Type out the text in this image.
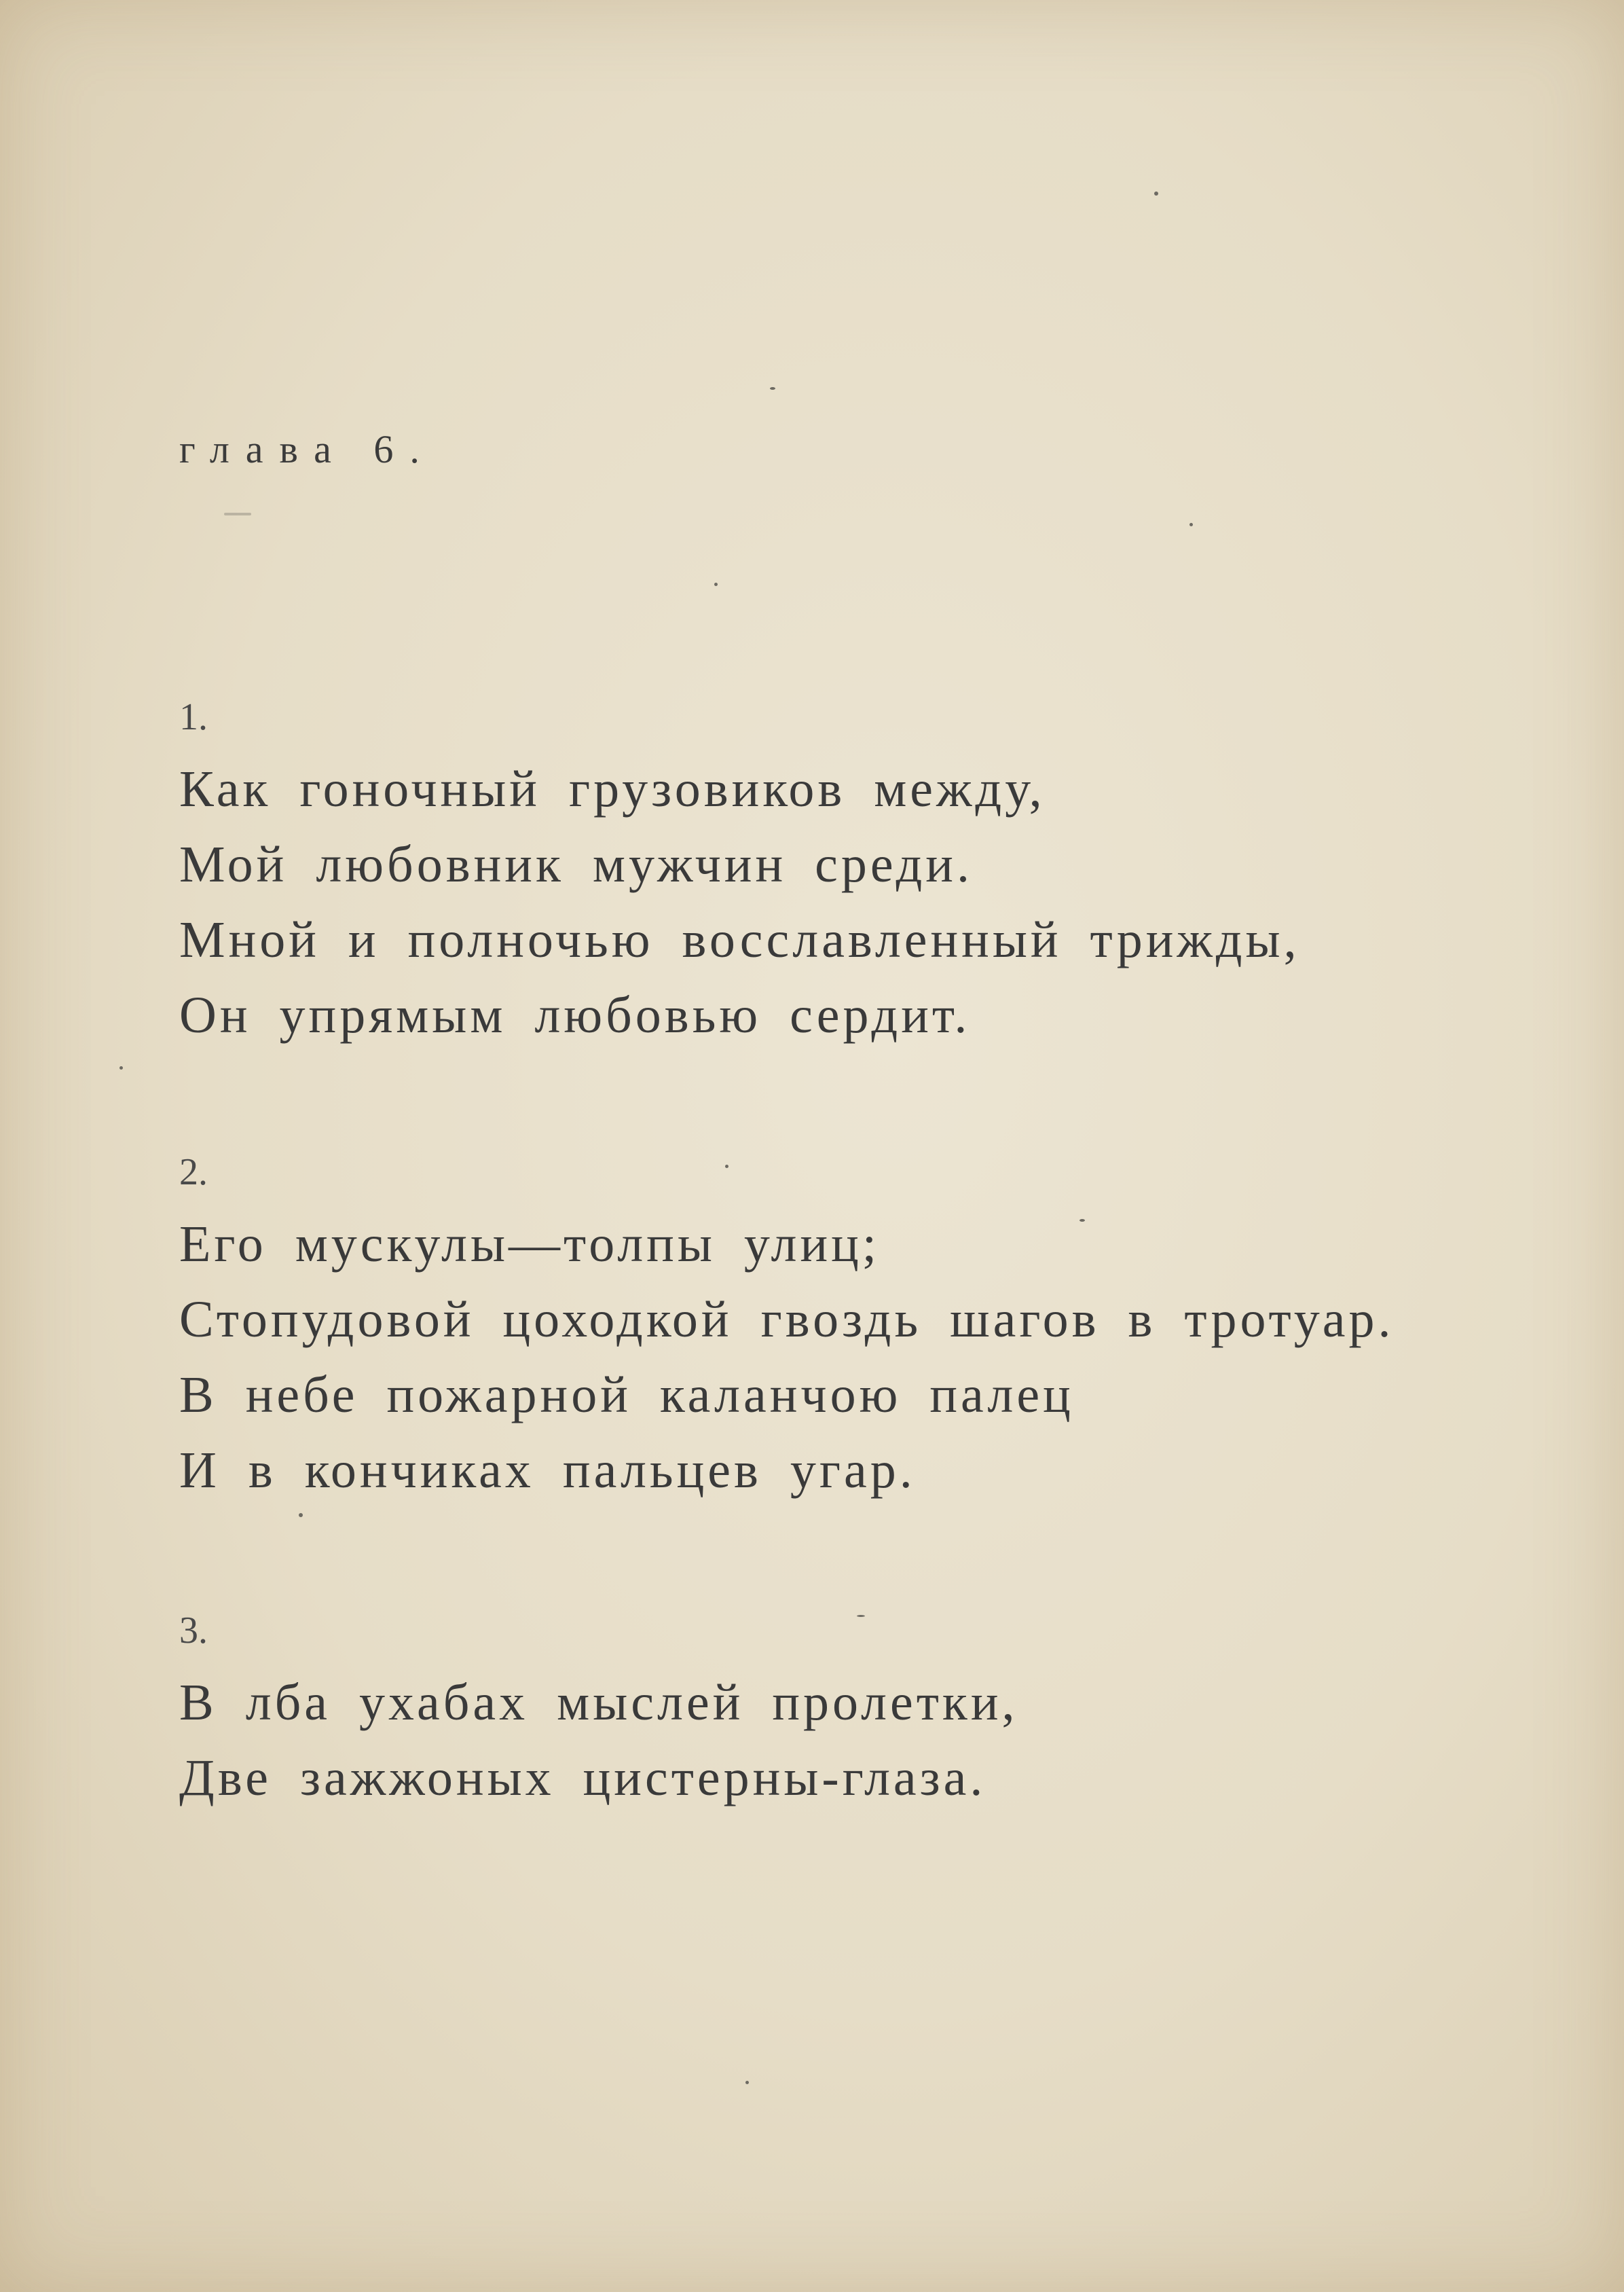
глава 6.
1.
Как гоночный грузовиков между,
Мой любовник мужчин среди.
Мной и полночью восславленный трижды,
Он упрямым любовью сердит.
2.
Его мускулы—толпы улиц;
Стопудовой цоходкой гвоздь шагов в тротуар.
В небе пожарной каланчою палец
И в кончиках пальцев угар.
3.
В лба ухабах мыслей пролетки,
Две зажжоных цистерны-глаза.
